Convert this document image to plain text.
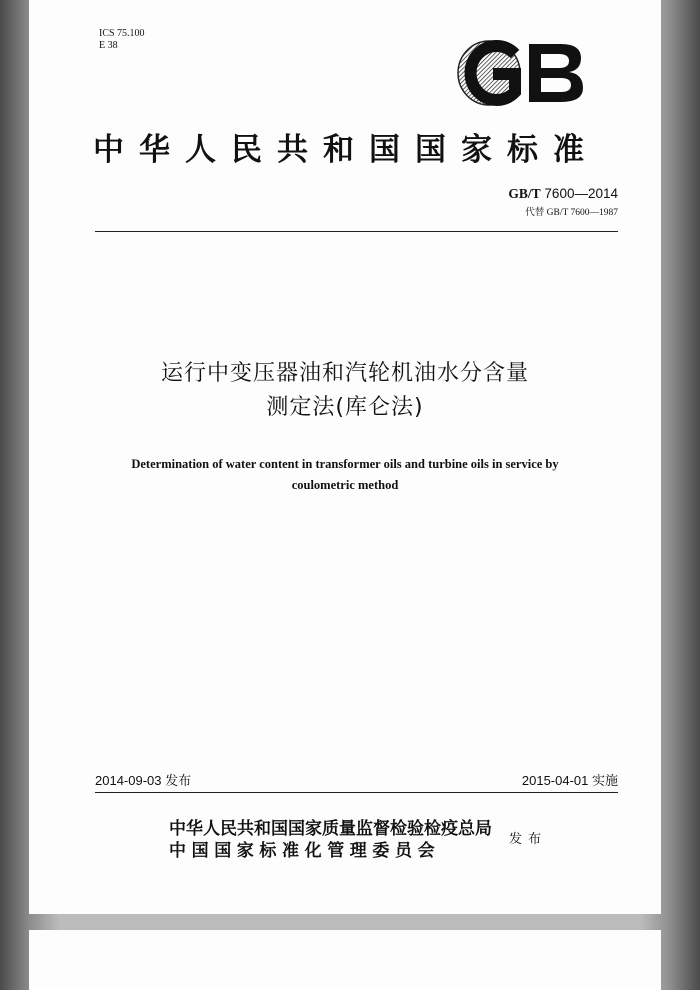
ICS 75.100
E 38
中华人民共和国国家标准
GB/T 7600—2014
代替 GB/T 7600—1987
运行中变压器油和汽轮机油水分含量
测定法(库仑法)
Determination of water content in transformer oils and turbine oils in service by
coulometric method
2014-09-03 发布	2015-04-01 实施
中华人民共和国国家质量监督检验检疫总局
中国国家标准化管理委员会
发布
